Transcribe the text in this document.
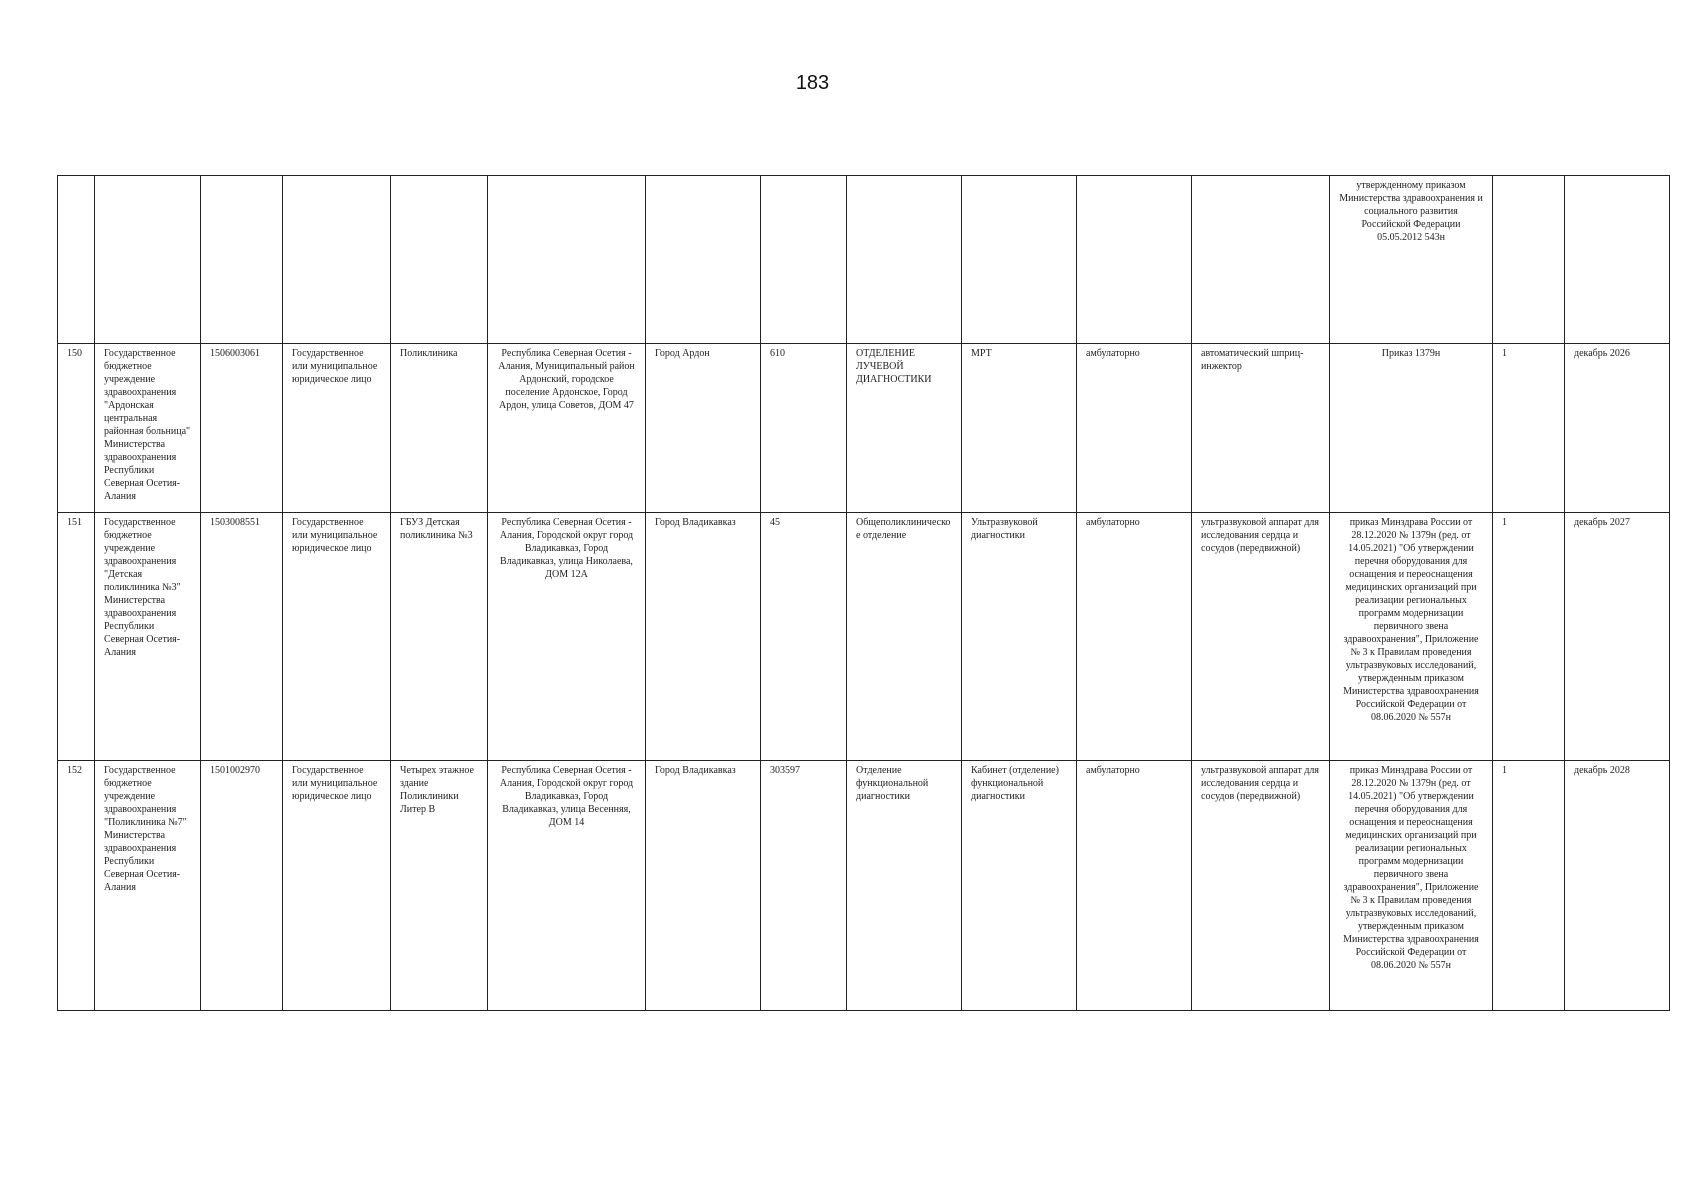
183
												утвержденному приказом Министерства здравоохранения и социального развития Российской Федерации 05.05.2012 543н		
150	Государственное бюджетное учреждение здравоохранения "Ардонская центральная районная больница" Министерства здравоохранения Республики Северная Осетия-Алания	1506003061	Государственное или муниципальное юридическое лицо	Поликлиника	Республика Северная Осетия - Алания, Муниципальный район Ардонский, городское поселение Ардонское, Город Ардон, улица Советов, ДОМ 47	Город Ардон	610	ОТДЕЛЕНИЕ ЛУЧЕВОЙ ДИАГНОСТИКИ	МРТ	амбулаторно	автоматический шприц-инжектор	Приказ 1379н	1	декабрь 2026
151	Государственное бюджетное учреждение здравоохранения "Детская поликлиника №3" Министерства здравоохранения Республики Северная Осетия-Алания	1503008551	Государственное или муниципальное юридическое лицо	ГБУЗ Детская поликлиника №3	Республика Северная Осетия - Алания, Городской округ город Владикавказ, Город Владикавказ, улица Николаева, ДОМ 12А	Город Владикавказ	45	Общеполиклиническое отделение	Ультразвуковой диагностики	амбулаторно	ультразвуковой аппарат для исследования сердца и сосудов (передвижной)	приказ Минздрава России от 28.12.2020 № 1379н (ред. от 14.05.2021) "Об утверждении перечня оборудования для оснащения и переоснащения медицинских организаций при реализации региональных программ модернизации первичного звена здравоохранения", Приложение № 3 к Правилам проведения ультразвуковых исследований, утвержденным приказом Министерства здравоохранения Российской Федерации от 08.06.2020 № 557н	1	декабрь 2027
152	Государственное бюджетное учреждение здравоохранения "Поликлиника №7" Министерства здравоохранения Республики Северная Осетия-Алания	1501002970	Государственное или муниципальное юридическое лицо	Четырех этажное здание Поликлиники Литер В	Республика Северная Осетия - Алания, Городской округ город Владикавказ, Город Владикавказ, улица Весенняя, ДОМ 14	Город Владикавказ	303597	Отделение функциональной диагностики	Кабинет (отделение) функциональной диагностики	амбулаторно	ультразвуковой аппарат для исследования сердца и сосудов (передвижной)	приказ Минздрава России от 28.12.2020 № 1379н (ред. от 14.05.2021) "Об утверждении перечня оборудования для оснащения и переоснащения медицинских организаций при реализации региональных программ модернизации первичного звена здравоохранения", Приложение № 3 к Правилам проведения ультразвуковых исследований, утвержденным приказом Министерства здравоохранения Российской Федерации от 08.06.2020 № 557н	1	декабрь 2028
